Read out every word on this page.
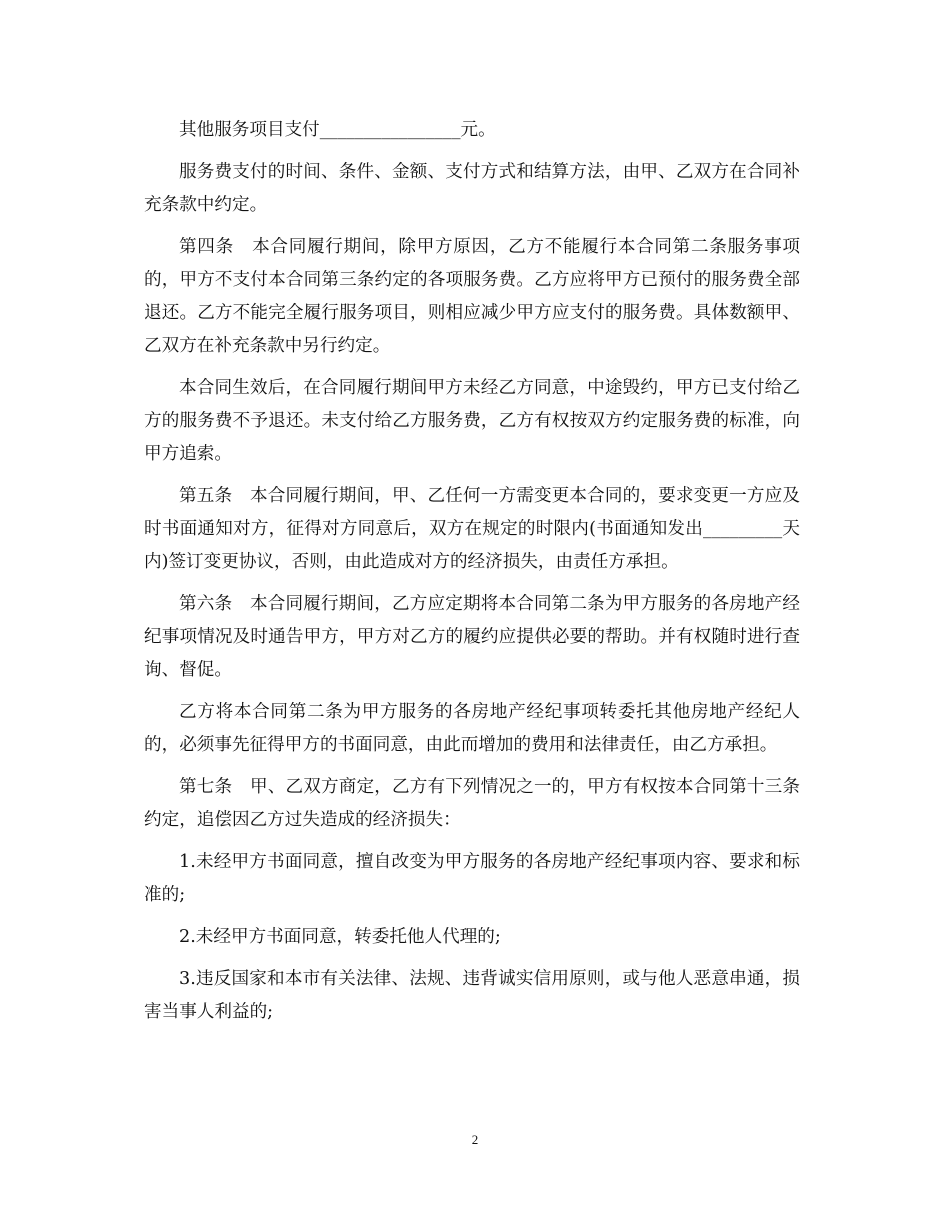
其他服务项目支付________________元。

服务费支付的时间、条件、金额、支付方式和结算方法，由甲、乙双方在合同补充条款中约定。

第四条　本合同履行期间，除甲方原因，乙方不能履行本合同第二条服务事项的，甲方不支付本合同第三条约定的各项服务费。乙方应将甲方已预付的服务费全部退还。乙方不能完全履行服务项目，则相应减少甲方应支付的服务费。具体数额甲、乙双方在补充条款中另行约定。

本合同生效后，在合同履行期间甲方未经乙方同意，中途毁约，甲方已支付给乙方的服务费不予退还。未支付给乙方服务费，乙方有权按双方约定服务费的标准，向甲方追索。

第五条　本合同履行期间，甲、乙任何一方需变更本合同的，要求变更一方应及时书面通知对方，征得对方同意后，双方在规定的时限内(书面通知发出_________天内)签订变更协议，否则，由此造成对方的经济损失，由责任方承担。

第六条　本合同履行期间，乙方应定期将本合同第二条为甲方服务的各房地产经纪事项情况及时通告甲方，甲方对乙方的履约应提供必要的帮助。并有权随时进行查询、督促。

乙方将本合同第二条为甲方服务的各房地产经纪事项转委托其他房地产经纪人的，必须事先征得甲方的书面同意，由此而增加的费用和法律责任，由乙方承担。

第七条　甲、乙双方商定，乙方有下列情况之一的，甲方有权按本合同第十三条约定，追偿因乙方过失造成的经济损失：

1.未经甲方书面同意，擅自改变为甲方服务的各房地产经纪事项内容、要求和标准的;

2.未经甲方书面同意，转委托他人代理的;

3.违反国家和本市有关法律、法规、违背诚实信用原则，或与他人恶意串通，损害当事人利益的;

2
